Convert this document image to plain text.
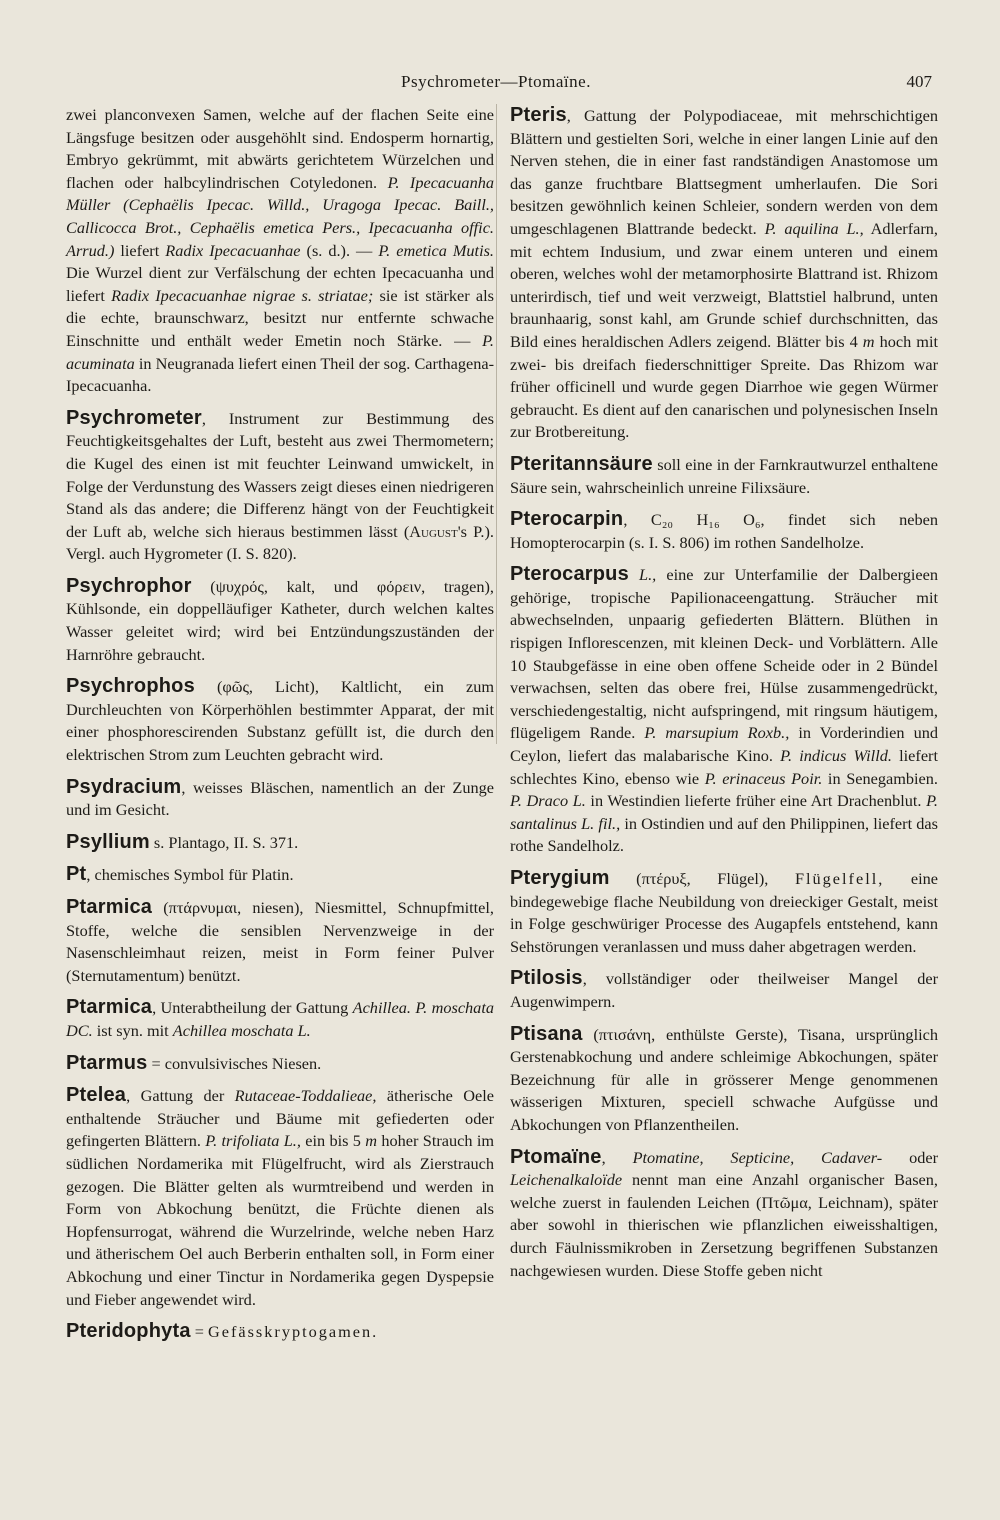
Psychrometer—Ptomaïne.	407

zwei planconvexen Samen, welche auf der flachen Seite eine Längsfuge besitzen oder ausgehöhlt sind. Endosperm hornartig, Embryo gekrümmt, mit abwärts gerichtetem Würzelchen und flachen oder halbcylindrischen Cotyledonen. P. Ipecacuanha Müller (Cephaëlis Ipecac. Willd., Uragoga Ipecac. Baill., Callicocca Brot., Cephaëlis emetica Pers., Ipecacuanha offic. Arrud.) liefert Radix Ipecacuanhae (s. d.). — P. emetica Mutis. Die Wurzel dient zur Verfälschung der echten Ipecacuanha und liefert Radix Ipecacuanhae nigrae s. striatae; sie ist stärker als die echte, braunschwarz, besitzt nur entfernte schwache Einschnitte und enthält weder Emetin noch Stärke. — P. acuminata in Neugranada liefert einen Theil der sog. Carthagena-Ipecacuanha.

Psychrometer, Instrument zur Bestimmung des Feuchtigkeitsgehaltes der Luft, besteht aus zwei Thermometern; die Kugel des einen ist mit feuchter Leinwand umwickelt, in Folge der Verdunstung des Wassers zeigt dieses einen niedrigeren Stand als das andere; die Differenz hängt von der Feuchtigkeit der Luft ab, welche sich hieraus bestimmen lässt (August's P.). Vergl. auch Hygrometer (I. S. 820).

Psychrophor (ψυχρός, kalt, und φόρειν, tragen), Kühlsonde, ein doppelläufiger Katheter, durch welchen kaltes Wasser geleitet wird; wird bei Entzündungszuständen der Harnröhre gebraucht.

Psychrophos (φῶς, Licht), Kaltlicht, ein zum Durchleuchten von Körperhöhlen bestimmter Apparat, der mit einer phosphorescirenden Substanz gefüllt ist, die durch den elektrischen Strom zum Leuchten gebracht wird.

Psydracium, weisses Bläschen, namentlich an der Zunge und im Gesicht.

Psyllium s. Plantago, II. S. 371.

Pt, chemisches Symbol für Platin.

Ptarmica (πτάρνυμαι, niesen), Niesmittel, Schnupfmittel, Stoffe, welche die sensiblen Nervenzweige in der Nasenschleimhaut reizen, meist in Form feiner Pulver (Sternutamentum) benützt.

Ptarmica, Unterabtheilung der Gattung Achillea. P. moschata DC. ist syn. mit Achillea moschata L.

Ptarmus = convulsivisches Niesen.

Ptelea, Gattung der Rutaceae-Toddalieae, ätherische Oele enthaltende Sträucher und Bäume mit gefiederten oder gefingerten Blättern. P. trifoliata L., ein bis 5 m hoher Strauch im südlichen Nordamerika mit Flügelfrucht, wird als Zierstrauch gezogen. Die Blätter gelten als wurmtreibend und werden in Form von Abkochung benützt, die Früchte dienen als Hopfensurrogat, während die Wurzelrinde, welche neben Harz und ätherischem Oel auch Berberin enthalten soll, in Form einer Abkochung und einer Tinctur in Nordamerika gegen Dyspepsie und Fieber angewendet wird.

Pteridophyta = Gefässkryptogamen.

Pteris, Gattung der Polypodiaceae, mit mehrschichtigen Blättern und gestielten Sori, welche in einer langen Linie auf den Nerven stehen, die in einer fast randständigen Anastomose um das ganze fruchtbare Blattsegment umherlaufen. Die Sori besitzen gewöhnlich keinen Schleier, sondern werden von dem umgeschlagenen Blattrande bedeckt. P. aquilina L., Adlerfarn, mit echtem Indusium, und zwar einem unteren und einem oberen, welches wohl der metamorphosirte Blattrand ist. Rhizom unterirdisch, tief und weit verzweigt, Blattstiel halbrund, unten braunhaarig, sonst kahl, am Grunde schief durchschnitten, das Bild eines heraldischen Adlers zeigend. Blätter bis 4 m hoch mit zwei- bis dreifach fiederschnittiger Spreite. Das Rhizom war früher officinell und wurde gegen Diarrhoe wie gegen Würmer gebraucht. Es dient auf den canarischen und polynesischen Inseln zur Brotbereitung.

Pteritannsäure soll eine in der Farnkrautwurzel enthaltene Säure sein, wahrscheinlich unreine Filixsäure.

Pterocarpin, C₂₀ H₁₆ O₆, findet sich neben Homopterocarpin (s. I. S. 806) im rothen Sandelholze.

Pterocarpus L., eine zur Unterfamilie der Dalbergieen gehörige, tropische Papilionaceengattung. Sträucher mit abwechselnden, unpaarig gefiederten Blättern. Blüthen in rispigen Inflorescenzen, mit kleinen Deck- und Vorblättern. Alle 10 Staubgefässe in eine oben offene Scheide oder in 2 Bündel verwachsen, selten das obere frei, Hülse zusammengedrückt, verschiedengestaltig, nicht aufspringend, mit ringsum häutigem, flügeligem Rande. P. marsupium Roxb., in Vorderindien und Ceylon, liefert das malabarische Kino. P. indicus Willd. liefert schlechtes Kino, ebenso wie P. erinaceus Poir. in Senegambien. P. Draco L. in Westindien lieferte früher eine Art Drachenblut. P. santalinus L. fil., in Ostindien und auf den Philippinen, liefert das rothe Sandelholz.

Pterygium (πτέρυξ, Flügel), Flügelfell, eine bindegewebige flache Neubildung von dreieckiger Gestalt, meist in Folge geschwüriger Processe des Augapfels entstehend, kann Sehstörungen veranlassen und muss daher abgetragen werden.

Ptilosis, vollständiger oder theilweiser Mangel der Augenwimpern.

Ptisana (πτισάνη, enthülste Gerste), Tisana, ursprünglich Gerstenabkochung und andere schleimige Abkochungen, später Bezeichnung für alle in grösserer Menge genommenen wässerigen Mixturen, speciell schwache Aufgüsse und Abkochungen von Pflanzentheilen.

Ptomaïne, Ptomatine, Septicine, Cadaver- oder Leichenalkaloïde nennt man eine Anzahl organischer Basen, welche zuerst in faulenden Leichen (Πτῶμα, Leichnam), später aber sowohl in thierischen wie pflanzlichen eiweisshaltigen, durch Fäulnissmikroben in Zersetzung begriffenen Substanzen nachgewiesen wurden. Diese Stoffe geben nicht
